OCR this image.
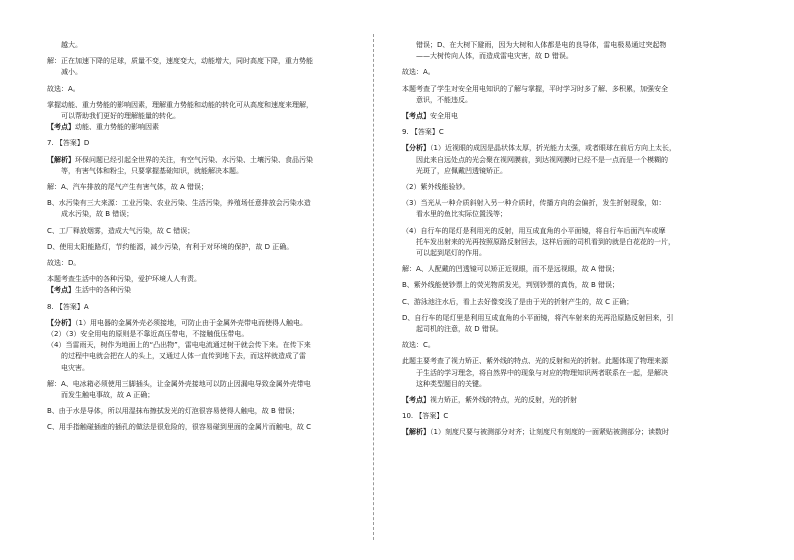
越大。
解：正在加速下降的足球，质量不变，速度变大，动能增大，同时高度下降，重力势能
减小。
故选：A。
掌握动能、重力势能的影响因素，理解重力势能和动能的转化可从高度和速度来理解，
可以帮助我们更好的理解能量的转化。
【考点】动能、重力势能的影响因素
7. 【答案】D
【解析】环保问题已经引起全世界的关注，有空气污染、水污染、土壤污染、食品污染
等，有害气体和粉尘，只要掌握基础知识，就能解决本题。
解：A、汽车排放的尾气产生有害气体，故 A 错误；
B、水污染有三大来源：工业污染、农业污染、生活污染，养殖场任意排放会污染水造
成水污染，故 B 错误；
C、工厂释放烟雾，造成大气污染，故 C 错误；
D、使用太阳能路灯，节约能源，减少污染，有利于对环境的保护，故 D 正确。
故选：D。
本题考查生活中的各种污染，爱护环境人人有责。
【考点】生活中的各种污染
8. 【答案】A
【分析】（1）用电器的金属外壳必须接地，可防止由于金属外壳带电而使得人触电。
（2）（3）安全用电的原则是不靠近高压带电，不接触低压带电。
（4）当雷雨天，树作为地面上的“凸出物”，雷电电流通过树干就会传下来。在传下来
的过程中电就会把在人的头上，又通过人体一直传到地下去，而这样就造成了雷
电灾害。
解：A、电冰箱必须使用三脚插头，让金属外壳接地可以防止因漏电导致金属外壳带电
而发生触电事故，故 A 正确；
B、由于水是导体，所以用湿抹布擦拭发光的灯泡很容易使得人触电，故 B 错误；
C、用手指触碰插座的插孔的做法是很危险的，很容易碰到里面的金属片而触电，故 C
错误；D、在大树下避雨，因为大树和人体都是电的良导体，雷电极易通过突起物
——大树传向人体，而造成雷电灾害，故 D 错误。
故选：A。
本题考查了学生对安全用电知识的了解与掌握，平时学习时多了解、多积累，加强安全
意识，不能违反。
【考点】安全用电
9. 【答案】C
【分析】（1）近视眼的成因是晶状体太厚，折光能力太强，或者眼球在前后方向上太长，
因此来自远处点的光会聚在视网膜前，到达视网膜时已经不是一点而是一个模糊的
光斑了，应佩戴凹透镜矫正。
（2）紫外线能验钞。
（3）当光从一种介质斜射入另一种介质时，传播方向的会偏折，发生折射现象，如：
看水里的鱼比实际位置浅等；
（4）自行车的尾灯是利用光的反射，用互成直角的小平面镜，将自行车后面汽车或摩
托车发出射来的光再按照原路反射回去，这样后面的司机看到的就是白花花的一片，
可以起到尾灯的作用。
解：A、人配戴的凹透镜可以矫正近视眼，而不是远视眼，故 A 错误；
B、紫外线能使钞票上的荧光物质发光，判别钞票的真伪，故 B 错误；
C、游泳池注水后，看上去好像变浅了是由于光的折射产生的，故 C 正确；
D、自行车的尾灯里是利用互成直角的小平面镜，将汽车射来的光再沿原路反射回来，引
起司机的注意，故 D 错误。
故选：C。
此题主要考查了视力矫正、紫外线的特点、光的反射和光的折射。此题体现了物理来源
于生活的学习理念，将自然界中的现象与对应的物理知识两者联系在一起，是解决
这种类型题目的关键。
【考点】视力矫正，紫外线的特点，光的反射，光的折射
10. 【答案】C
【解析】（1）刻度尺要与被测部分对齐；让刻度尺有刻度的一面紧贴被测部分；读数时
